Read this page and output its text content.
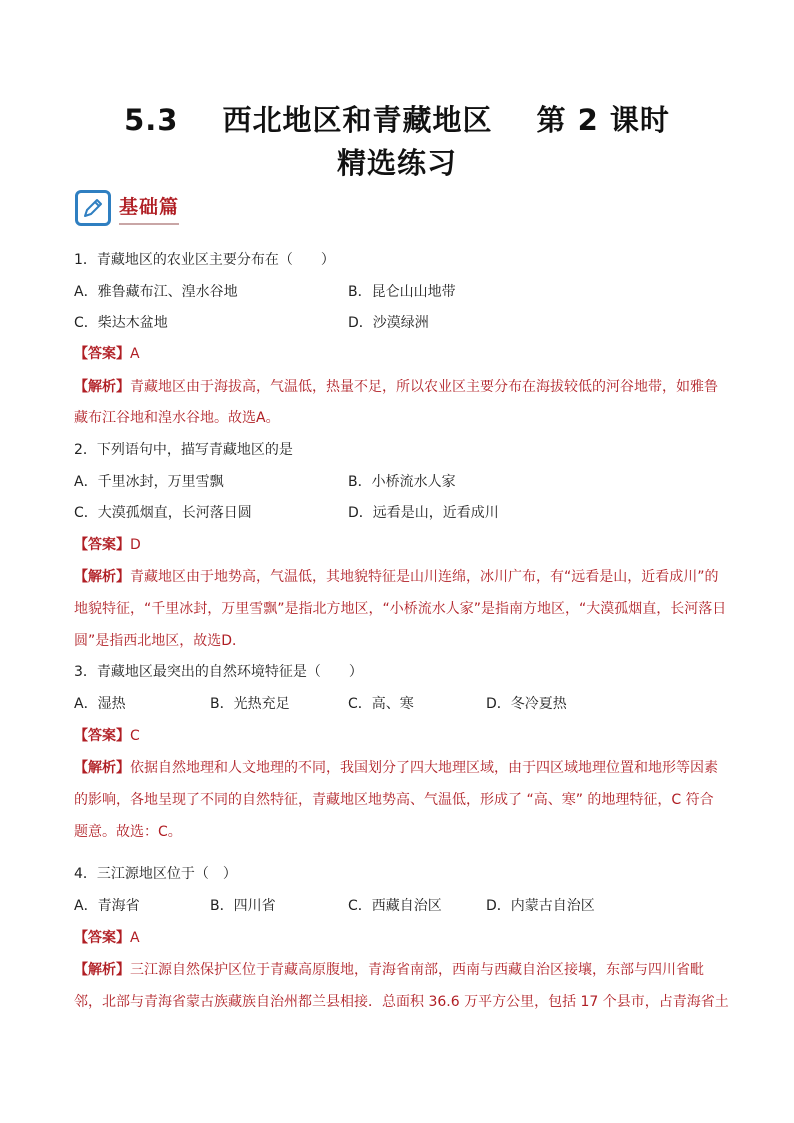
5.3 西北地区和青藏地区 第 2 课时
精选练习
基础篇
1．青藏地区的农业区主要分布在（　　）
A．雅鲁藏布江、湟水谷地	B．昆仑山山地带
C．柴达木盆地	D．沙漠绿洲
【答案】A
【解析】青藏地区由于海拔高，气温低，热量不足，所以农业区主要分布在海拔较低的河谷地带，如雅鲁
藏布江谷地和湟水谷地。故选A。
2．下列语句中，描写青藏地区的是
A．千里冰封，万里雪飘	B．小桥流水人家
C．大漠孤烟直，长河落日圆	D．远看是山，近看成川
【答案】D
【解析】青藏地区由于地势高，气温低，其地貌特征是山川连绵，冰川广布，有“远看是山，近看成川”的
地貌特征，“千里冰封，万里雪飘”是指北方地区，“小桥流水人家”是指南方地区，“大漠孤烟直，长河落日
圆”是指西北地区，故选D．
3．青藏地区最突出的自然环境特征是（　　）
A．湿热	B．光热充足	C．高、寒	D．冬冷夏热
【答案】C
【解析】依据自然地理和人文地理的不同，我国划分了四大地理区域，由于四区域地理位置和地形等因素
的影响，各地呈现了不同的自然特征，青藏地区地势高、气温低，形成了 “高、寒” 的地理特征，C 符合
题意。故选：C。
4．三江源地区位于（　）
A．青海省	B．四川省	C．西藏自治区	D．内蒙古自治区
【答案】A
【解析】三江源自然保护区位于青藏高原腹地，青海省南部，西南与西藏自治区接壤，东部与四川省毗
邻，北部与青海省蒙古族藏族自治州都兰县相接．总面积 36.6 万平方公里，包括 17 个县市，占青海省土
